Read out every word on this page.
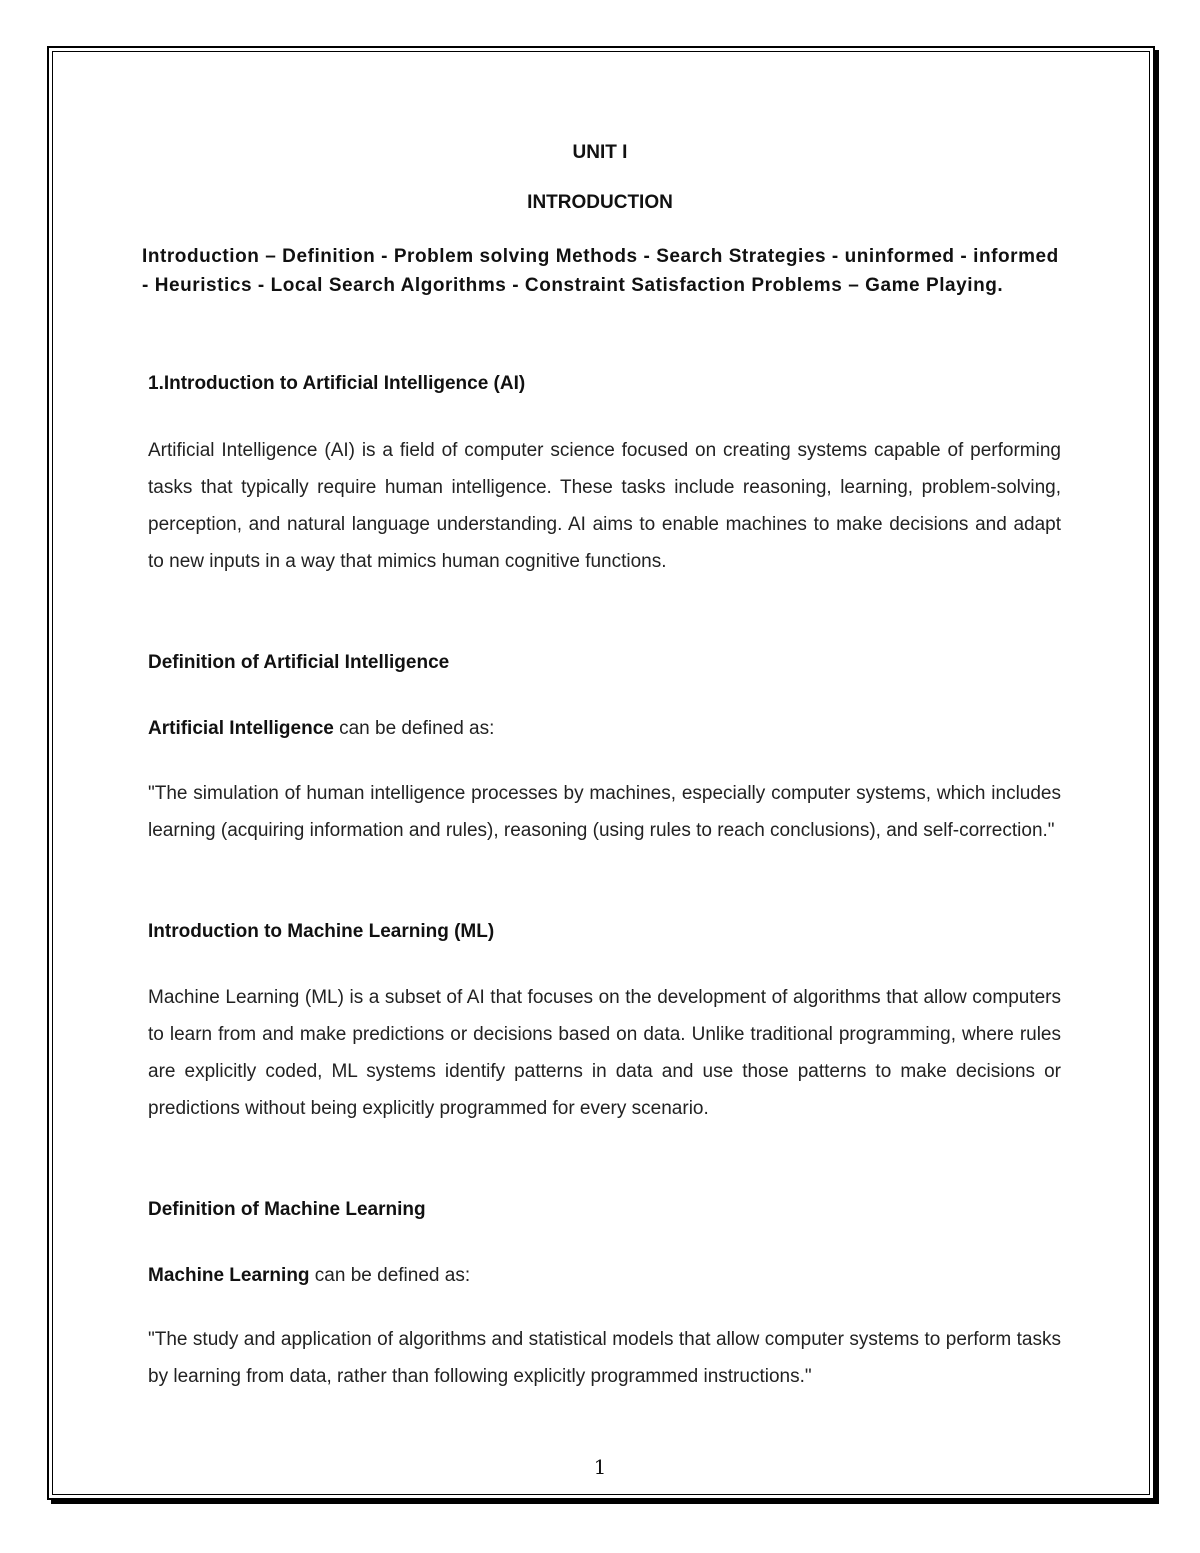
UNIT I
INTRODUCTION

Introduction – Definition - Problem solving Methods - Search Strategies - uninformed - informed - Heuristics - Local Search Algorithms - Constraint Satisfaction Problems – Game Playing.

1.Introduction to Artificial Intelligence (AI)

Artificial Intelligence (AI) is a field of computer science focused on creating systems capable of performing tasks that typically require human intelligence. These tasks include reasoning, learning, problem-solving, perception, and natural language understanding. AI aims to enable machines to make decisions and adapt to new inputs in a way that mimics human cognitive functions.

Definition of Artificial Intelligence

Artificial Intelligence can be defined as:

"The simulation of human intelligence processes by machines, especially computer systems, which includes learning (acquiring information and rules), reasoning (using rules to reach conclusions), and self-correction."

Introduction to Machine Learning (ML)

Machine Learning (ML) is a subset of AI that focuses on the development of algorithms that allow computers to learn from and make predictions or decisions based on data. Unlike traditional programming, where rules are explicitly coded, ML systems identify patterns in data and use those patterns to make decisions or predictions without being explicitly programmed for every scenario.

Definition of Machine Learning

Machine Learning can be defined as:

"The study and application of algorithms and statistical models that allow computer systems to perform tasks by learning from data, rather than following explicitly programmed instructions."

1
